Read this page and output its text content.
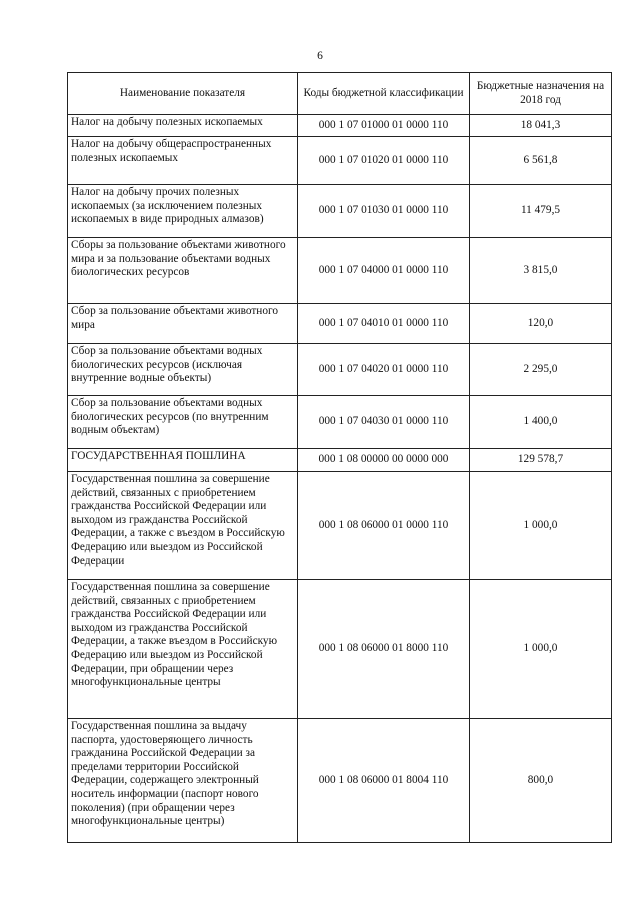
6
Наименование показателя	Коды бюджетной классификации	Бюджетные назначения на 2018 год
Налог на добычу полезных ископаемых	000 1 07 01000 01 0000 110	18 041,3
Налог на добычу общераспространенных полезных ископаемых	000 1 07 01020 01 0000 110	6 561,8
Налог на добычу прочих полезных ископаемых (за исключением полезных ископаемых в виде природных алмазов)	000 1 07 01030 01 0000 110	11 479,5
Сборы за пользование объектами животного мира и за пользование объектами водных биологических ресурсов	000 1 07 04000 01 0000 110	3 815,0
Сбор за пользование объектами животного мира	000 1 07 04010 01 0000 110	120,0
Сбор за пользование объектами водных биологических ресурсов (исключая внутренние водные объекты)	000 1 07 04020 01 0000 110	2 295,0
Сбор за пользование объектами водных биологических ресурсов (по внутренним водным объектам)	000 1 07 04030 01 0000 110	1 400,0
ГОСУДАРСТВЕННАЯ ПОШЛИНА	000 1 08 00000 00 0000 000	129 578,7
Государственная пошлина за совершение действий, связанных с приобретением гражданства Российской Федерации или выходом из гражданства Российской Федерации, а также с въездом в Российскую Федерацию или выездом из Российской Федерации	000 1 08 06000 01 0000 110	1 000,0
Государственная пошлина за совершение действий, связанных с приобретением гражданства Российской Федерации или выходом из гражданства Российской Федерации, а также въездом в Российскую Федерацию или выездом из Российской Федерации, при обращении через многофункциональные центры	000 1 08 06000 01 8000 110	1 000,0
Государственная пошлина за выдачу паспорта, удостоверяющего личность гражданина Российской Федерации за пределами территории Российской Федерации, содержащего электронный носитель информации (паспорт нового поколения) (при обращении через многофункциональные центры)	000 1 08 06000 01 8004 110	800,0
